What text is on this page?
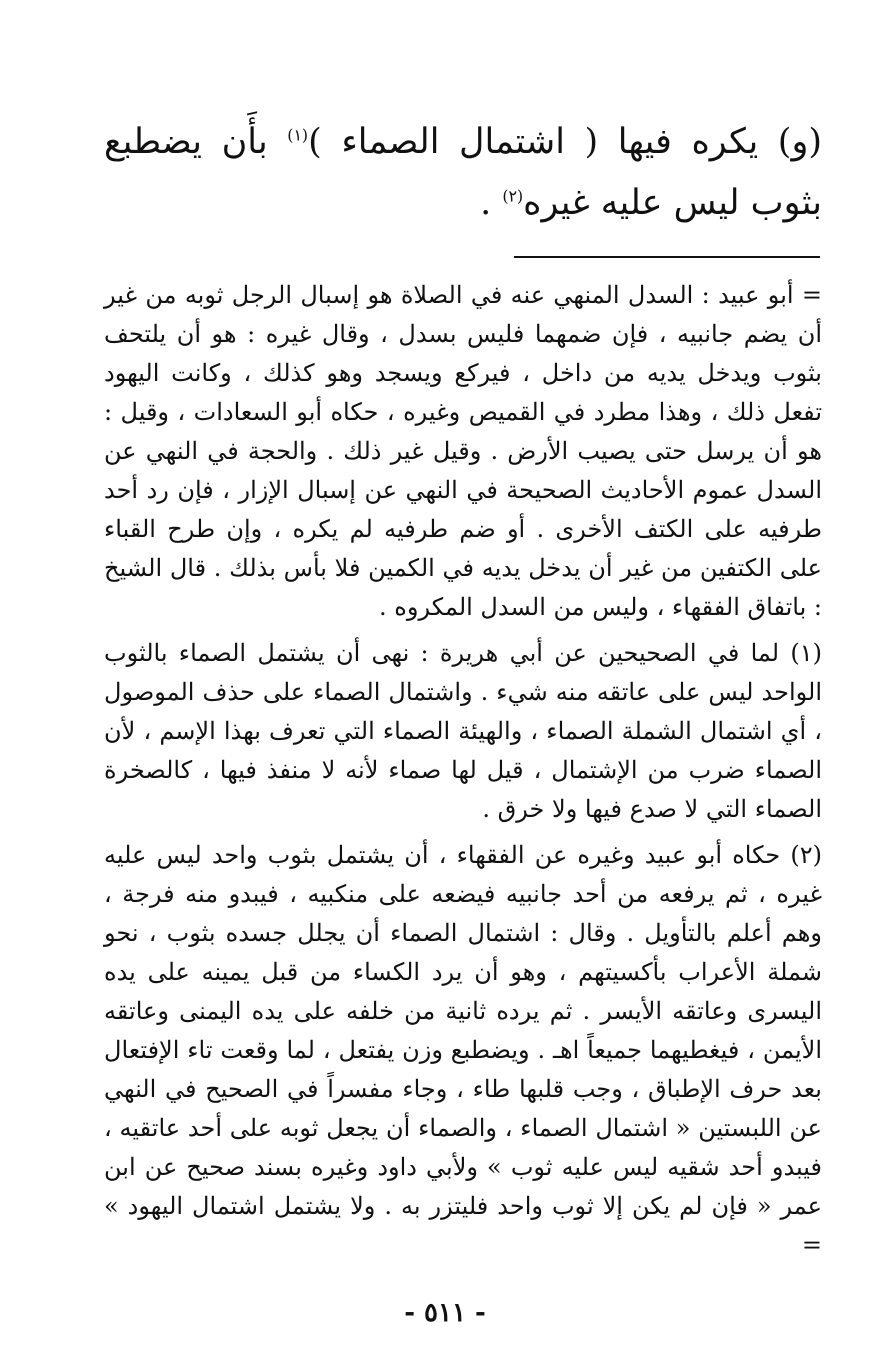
(و) يكره فيها ( اشتمال الصماء )$^{(١)}$ بأَن يضطبع بثوب ليس عليه غيره$^{(٢)}$ .

= أبو عبيد : السدل المنهي عنه في الصلاة هو إسبال الرجل ثوبه من غير أن يضم جانبيه ، فإن ضمهما فليس بسدل ، وقال غيره : هو أن يلتحف بثوب ويدخل يديه من داخل ، فيركع ويسجد وهو كذلك ، وكانت اليهود تفعل ذلك ، وهذا مطرد في القميص وغيره ، حكاه أبو السعادات ، وقيل : هو أن يرسل حتى يصيب الأرض . وقيل غير ذلك . والحجة في النهي عن السدل عموم الأحاديث الصحيحة في النهي عن إسبال الإزار ، فإن رد أحد طرفيه على الكتف الأخرى . أو ضم طرفيه لم يكره ، وإن طرح القباء على الكتفين من غير أن يدخل يديه في الكمين فلا بأس بذلك . قال الشيخ : باتفاق الفقهاء ، وليس من السدل المكروه .

(١) لما في الصحيحين عن أبي هريرة : نهى أن يشتمل الصماء بالثوب الواحد ليس على عاتقه منه شيء . واشتمال الصماء على حذف الموصول ، أي اشتمال الشملة الصماء ، والهيئة الصماء التي تعرف بهذا الإسم ، لأن الصماء ضرب من الإشتمال ، قيل لها صماء لأنه لا منفذ فيها ، كالصخرة الصماء التي لا صدع فيها ولا خرق .

(٢) حكاه أبو عبيد وغيره عن الفقهاء ، أن يشتمل بثوب واحد ليس عليه غيره ، ثم يرفعه من أحد جانبيه فيضعه على منكبيه ، فيبدو منه فرجة ، وهم أعلم بالتأويل . وقال : اشتمال الصماء أن يجلل جسده بثوب ، نحو شملة الأعراب بأكسيتهم ، وهو أن يرد الكساء من قبل يمينه على يده اليسرى وعاتقه الأيسر . ثم يرده ثانية من خلفه على يده اليمنى وعاتقه الأيمن ، فيغطيهما جميعاً اهـ . ويضطبع وزن يفتعل ، لما وقعت تاء الإفتعال بعد حرف الإطباق ، وجب قلبها طاء ، وجاء مفسراً في الصحيح في النهي عن اللبستين « اشتمال الصماء ، والصماء أن يجعل ثوبه على أحد عاتقيه ، فيبدو أحد شقيه ليس عليه ثوب » ولأبي داود وغيره بسند صحيح عن ابن عمر « فإن لم يكن إلا ثوب واحد فليتزر به . ولا يشتمل اشتمال اليهود » =

- ٥١١ -
